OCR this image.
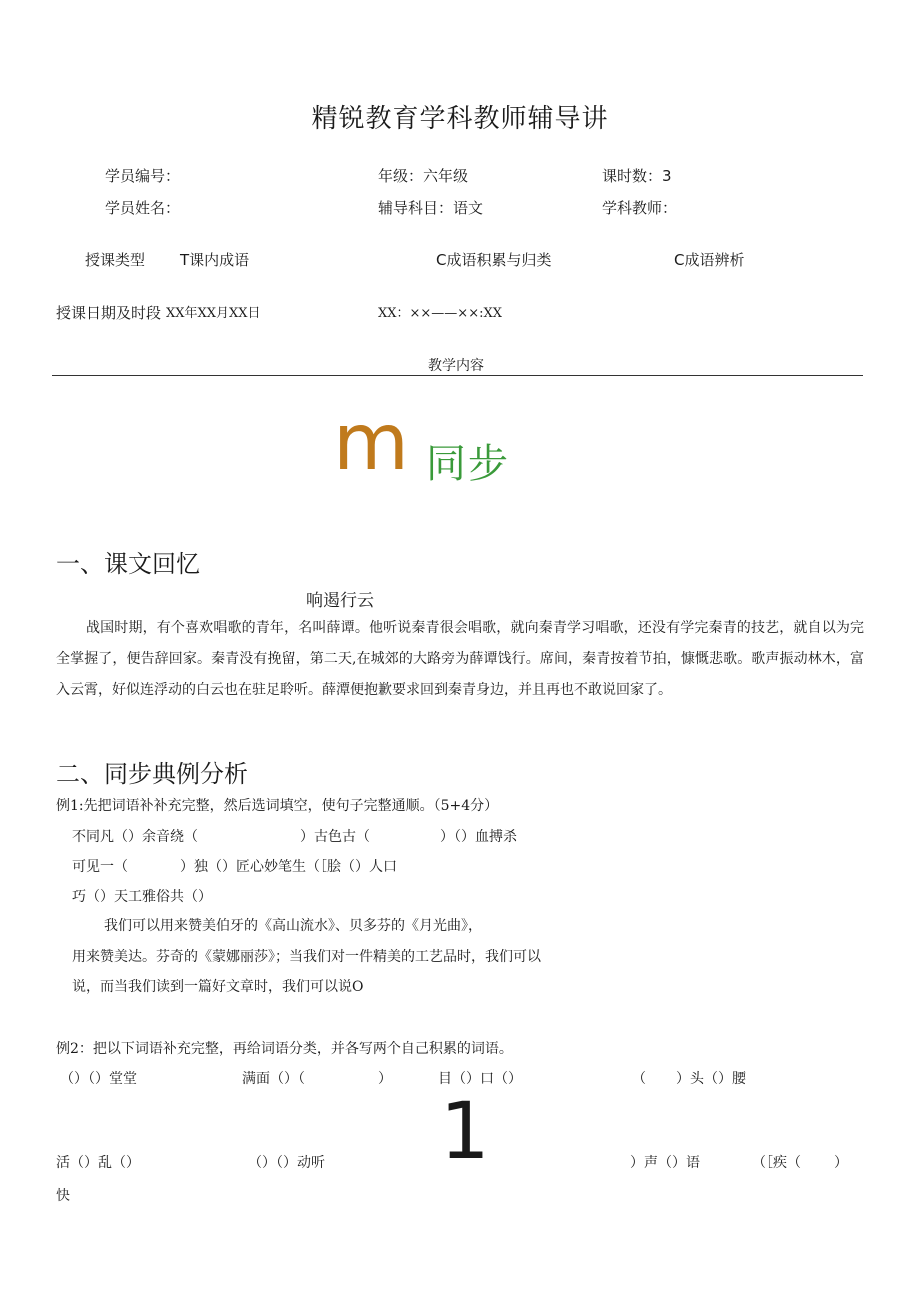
精锐教育学科教师辅导讲
学员编号：	年级：六年级	课时数：3
学员姓名：	辅导科目：语文	学科教师：
授课类型 T课内成语	C成语积累与归类	C成语辨析
授课日期及时段 XX年XX月XX日	XX：××——××:XX
教学内容
m 同步
一、课文回忆
响遏行云
战国时期，有个喜欢唱歌的青年，名叫薛谭。他听说秦青很会唱歌，就向秦青学习唱歌，还没有学完秦青的技艺，就自以为完全掌握了，便告辞回家。秦青没有挽留，第二天,在城郊的大路旁为薛谭饯行。席间，秦青按着节拍，慷慨悲歌。歌声振动林木，富入云霄，好似连浮动的白云也在驻足聆听。薛潭便抱歉要求回到秦青身边，并且再也不敢说回家了。
二、同步典例分析
例1:先把词语补补充完整，然后选词填空，使句子完整通顺。（5+4分）
不同凡（）余音绕（	）古色古（	）（）血搏杀
可见一（	）独（）匠心妙笔生（［脍（）人口
巧（）天工雅俗共（）
我们可以用来赞美伯牙的《高山流水》、贝多芬的《月光曲》，
用来赞美达。芬奇的《蒙娜丽莎》；当我们对一件精美的工艺品时，我们可以
说，而当我们读到一篇好文章时，我们可以说O
例2：把以下词语补充完整，再给词语分类，并各写两个自己积累的词语。
（）（）堂堂	满面（）（	）	目（）口（）	（ ）头（）腰
1
活（）乱（）	（）（）动听	）声（）语	（［疾（ ）
快
